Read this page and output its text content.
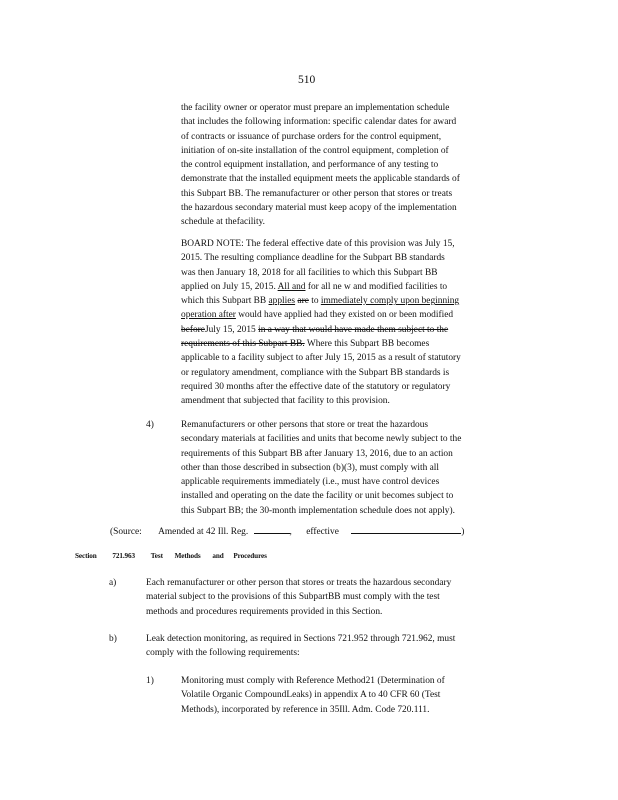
510
the facility owner or operator must prepare an implementation schedule
that includes the following information: specific calendar dates for award
of contracts or issuance of purchase orders for the control equipment,
initiation of on-site installation of the control equipment, completion of
the control equipment installation, and performance of any testing to
demonstrate that the installed equipment meets the applicable standards of
this Subpart BB. The remanufacturer or other person that stores or treats
the hazardous secondary material must keep acopy of the implementation
schedule at thefacility.
BOARD NOTE: The federal effective date of this provision was July 15,
2015. The resulting compliance deadline for the Subpart BB standards
was then January 18, 2018 for all facilities to which this Subpart BB
applied on July 15, 2015. All and for all ne w and modified facilities to
which this Subpart BB applies are to immediately comply upon beginning
operation after would have applied had they existed on or been modified
beforeJuly 15, 2015 in a way that would have made them subject to the
requirements of this Subpart BB. Where this Subpart BB becomes
applicable to a facility subject to after July 15, 2015 as a result of statutory
or regulatory amendment, compliance with the Subpart BB standards is
required 30 months after the effective date of the statutory or regulatory
amendment that subjected that facility to this provision.
4)	Remanufacturers or other persons that store or treat the hazardous
secondary materials at facilities and units that become newly subject to the
requirements of this Subpart BB after January 13, 2016, due to an action
other than those described in subsection (b)(3), must comply with all
applicable requirements immediately (i.e., must have control devices
installed and operating on the date the facility or unit becomes subject to
this Subpart BB; the 30-month implementation schedule does not apply).
(Source: Amended at 42 Ill. Reg.	, effective	)
Section 721.963 Test Methods and Procedures
a)	Each remanufacturer or other person that stores or treats the hazardous secondary
material subject to the provisions of this SubpartBB must comply with the test
methods and procedures requirements provided in this Section.
b)	Leak detection monitoring, as required in Sections 721.952 through 721.962, must
comply with the following requirements:
1)	Monitoring must comply with Reference Method21 (Determination of
Volatile Organic CompoundLeaks) in appendix A to 40 CFR 60 (Test
Methods), incorporated by reference in 35Ill. Adm. Code 720.111.
